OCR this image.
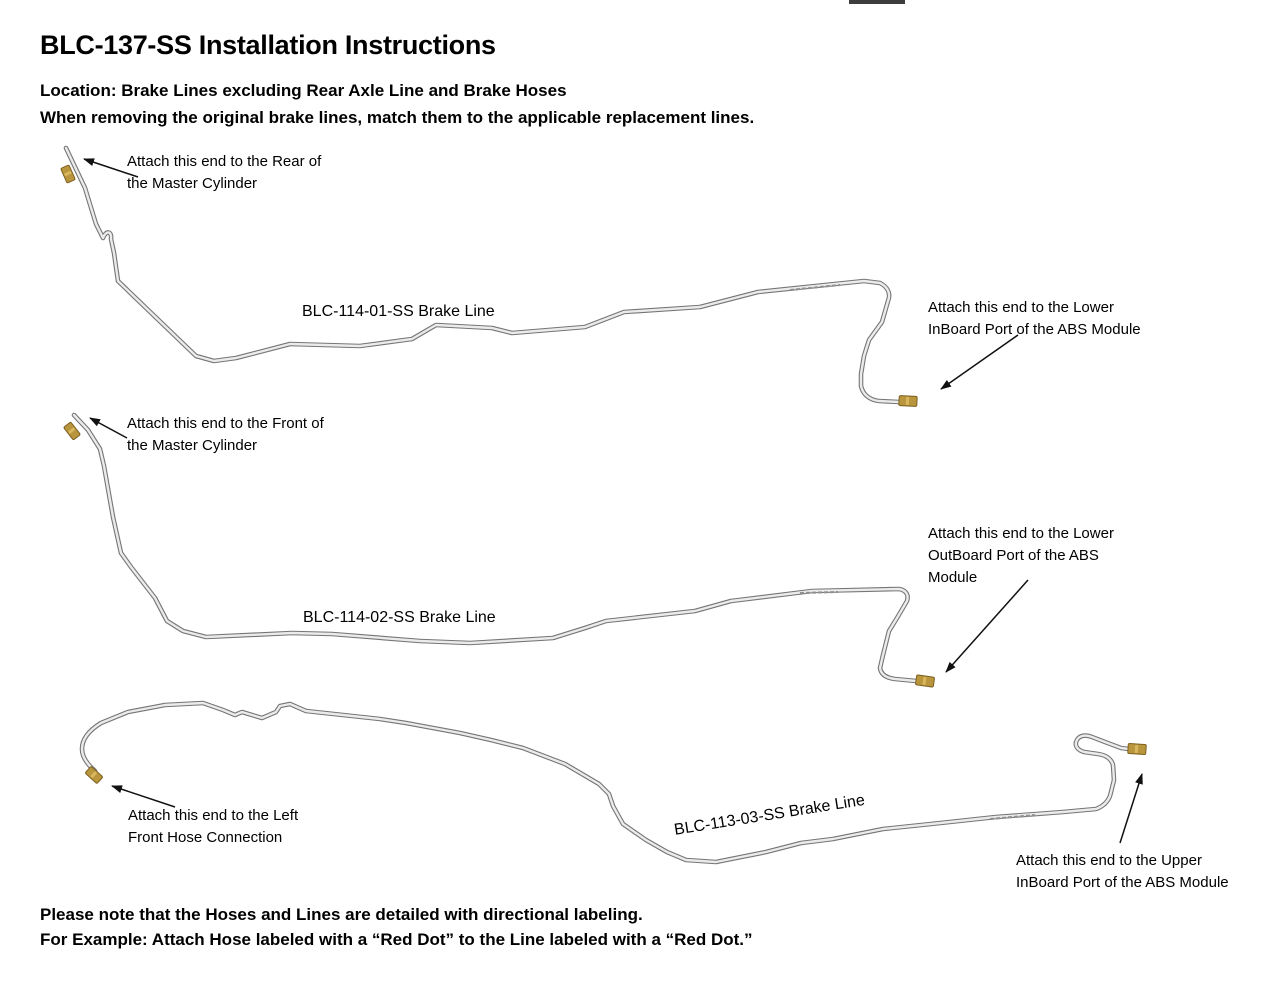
BLC-137-SS Installation Instructions
Location: Brake Lines excluding Rear Axle Line and Brake Hoses
When removing the original brake lines, match them to the applicable replacement lines.
Attach this end to the Rear of
the Master Cylinder
Attach this end to the Lower
InBoard Port of the ABS Module
Attach this end to the Front of
the Master Cylinder
Attach this end to the Lower
OutBoard Port of the ABS
Module
Attach this end to the Left
Front Hose Connection
Attach this end to the Upper
InBoard Port of the ABS Module
BLC-114-01-SS Brake Line
BLC-114-02-SS Brake Line
BLC-113-03-SS Brake Line
Please note that the Hoses and Lines are detailed with directional labeling.
For Example: Attach Hose labeled with a “Red Dot” to the Line labeled with a “Red Dot.”
